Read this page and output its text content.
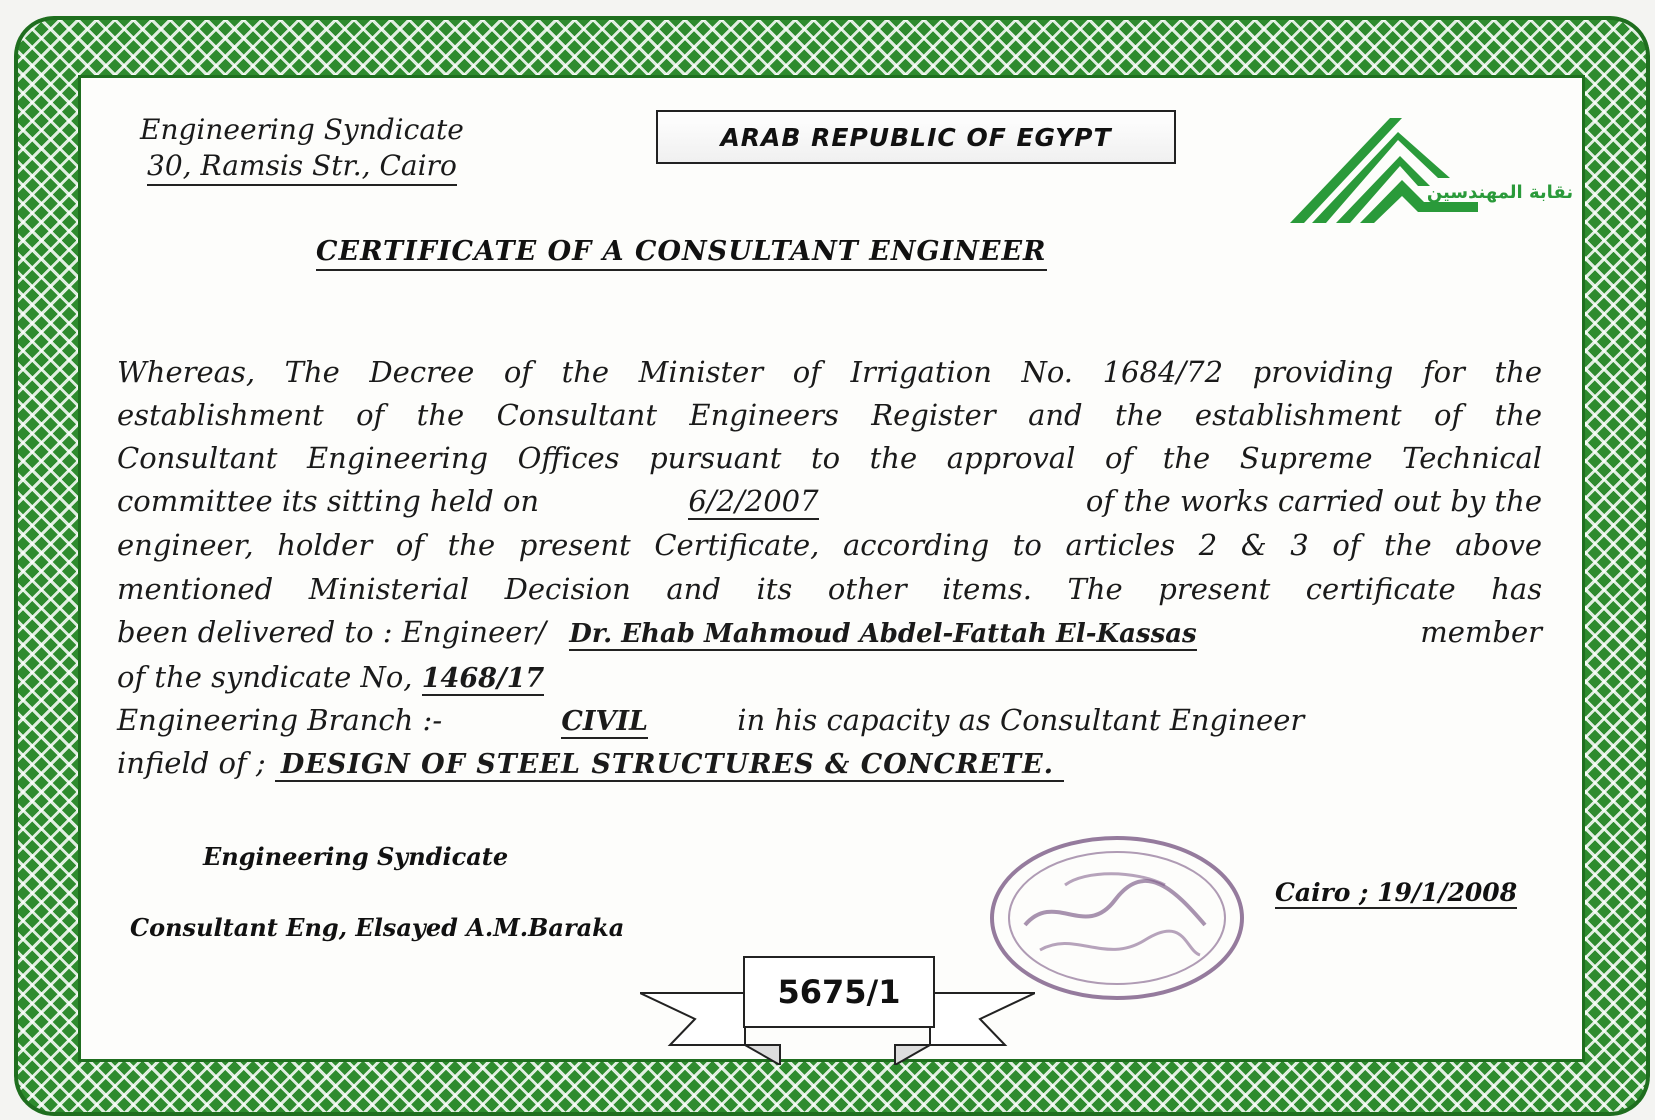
Engineering Syndicate
30, Ramsis Str., Cairo
ARAB REPUBLIC OF EGYPT
نقابة المهندسين
CERTIFICATE OF A CONSULTANT ENGINEER
Whereas, The Decree of the Minister of Irrigation No. 1684/72 providing for the
establishment of the Consultant Engineers Register and the establishment of the
Consultant Engineering Offices pursuant to the approval of the Supreme Technical
committee its sitting held on	6/2/2007	of the works carried out by the
engineer, holder of the present Certificate, according to articles 2 & 3 of the above
mentioned Ministerial Decision and its other items. The present certificate has
been delivered to : Engineer/ Dr. Ehab Mahmoud Abdel-Fattah El-Kassas	member
of the syndicate No, 1468/17
Engineering Branch :-	CIVIL	in his capacity as Consultant Engineer
infield of ; DESIGN OF STEEL STRUCTURES & CONCRETE.
Engineering Syndicate
Consultant Eng, Elsayed A.M.Baraka
Cairo ; 19/1/2008
5675/1
